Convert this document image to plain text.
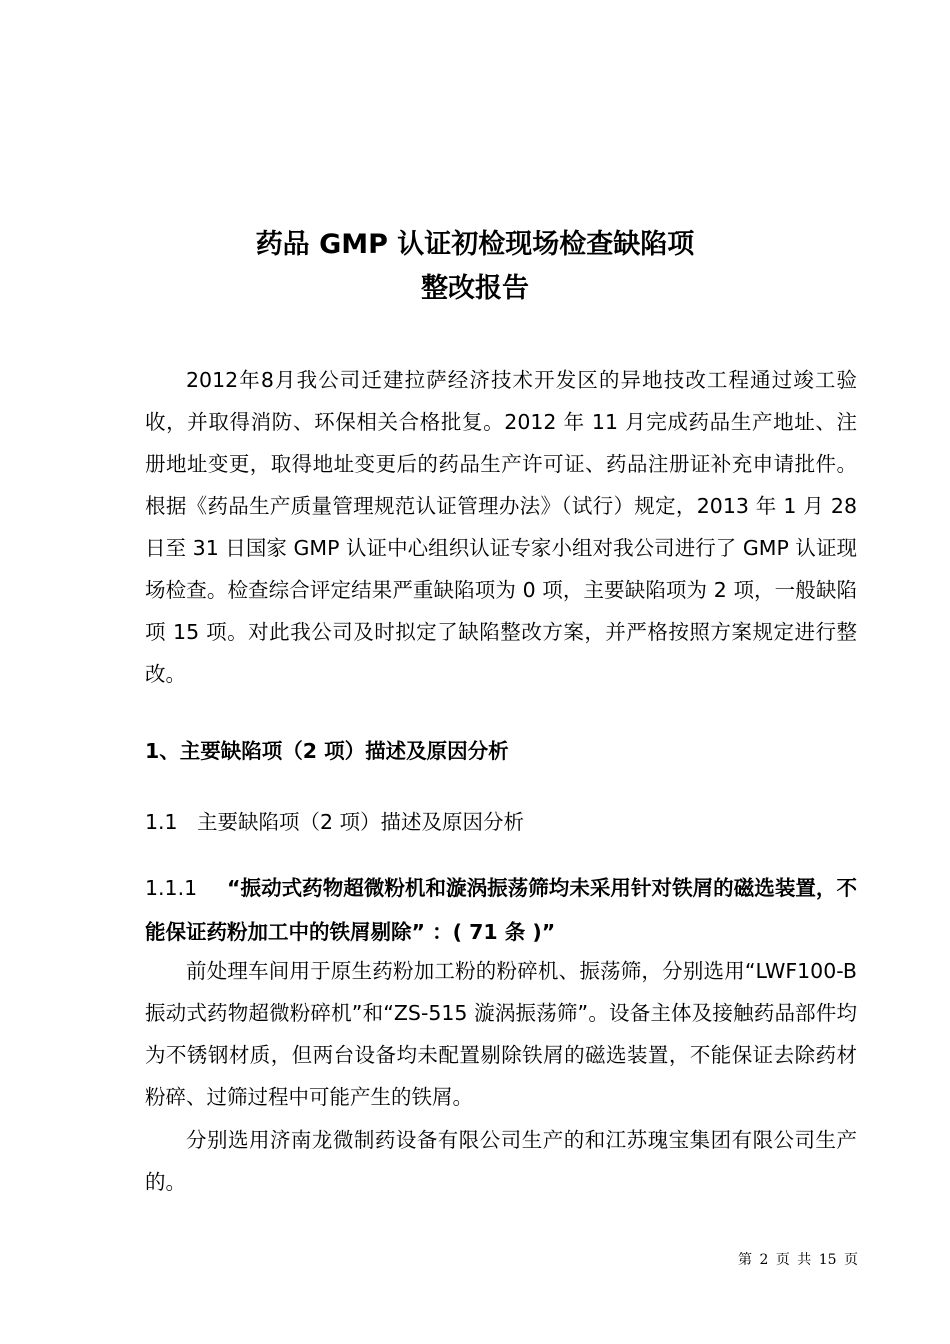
药品 GMP 认证初检现场检查缺陷项
整改报告

2012年8月我公司迁建拉萨经济技术开发区的异地技改工程通过竣工验收，并取得消防、环保相关合格批复。2012 年 11 月完成药品生产地址、注册地址变更，取得地址变更后的药品生产许可证、药品注册证补充申请批件。根据《药品生产质量管理规范认证管理办法》（试行）规定，2013 年 1 月 28 日至 31 日国家 GMP 认证中心组织认证专家小组对我公司进行了 GMP 认证现场检查。检查综合评定结果严重缺陷项为 0 项，主要缺陷项为 2 项，一般缺陷项 15 项。对此我公司及时拟定了缺陷整改方案，并严格按照方案规定进行整改。

1、主要缺陷项（2 项）描述及原因分析
1.1 主要缺陷项（2 项）描述及原因分析
1.1.1 “振动式药物超微粉机和漩涡振荡筛均未采用针对铁屑的磁选装置，不能保证药粉加工中的铁屑剔除” ：( 71 条 )”

前处理车间用于原生药粉加工粉的粉碎机、振荡筛，分别选用“LWF100-B 振动式药物超微粉碎机”和“ZS-515 漩涡振荡筛”。设备主体及接触药品部件均为不锈钢材质，但两台设备均未配置剔除铁屑的磁选装置，不能保证去除药材粉碎、过筛过程中可能产生的铁屑。

分别选用济南龙微制药设备有限公司生产的和江苏瑰宝集团有限公司生产的。

第 2 页 共 15 页
